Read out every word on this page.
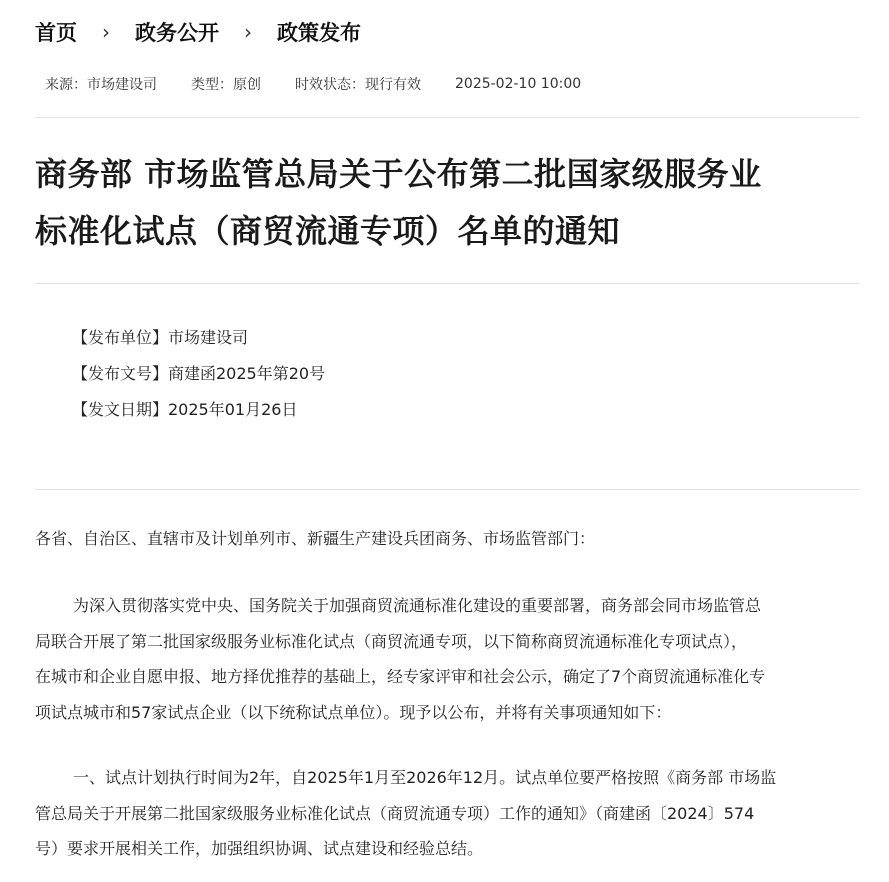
首页	›	政务公开	›	政策发布
来源：市场建设司 类型：原创 时效状态：现行有效 2025-02-10 10:00
商务部 市场监管总局关于公布第二批国家级服务业
标准化试点（商贸流通专项）名单的通知
【发布单位】市场建设司
【发布文号】商建函2025年第20号
【发文日期】2025年01月26日
各省、自治区、直辖市及计划单列市、新疆生产建设兵团商务、市场监管部门：
为深入贯彻落实党中央、国务院关于加强商贸流通标准化建设的重要部署，商务部会同市场监管总
局联合开展了第二批国家级服务业标准化试点（商贸流通专项，以下简称商贸流通标准化专项试点），
在城市和企业自愿申报、地方择优推荐的基础上，经专家评审和社会公示，确定了7个商贸流通标准化专
项试点城市和57家试点企业（以下统称试点单位）。现予以公布，并将有关事项通知如下：
一、试点计划执行时间为2年，自2025年1月至2026年12月。试点单位要严格按照《商务部 市场监
管总局关于开展第二批国家级服务业标准化试点（商贸流通专项）工作的通知》（商建函〔2024〕574
号）要求开展相关工作，加强组织协调、试点建设和经验总结。
